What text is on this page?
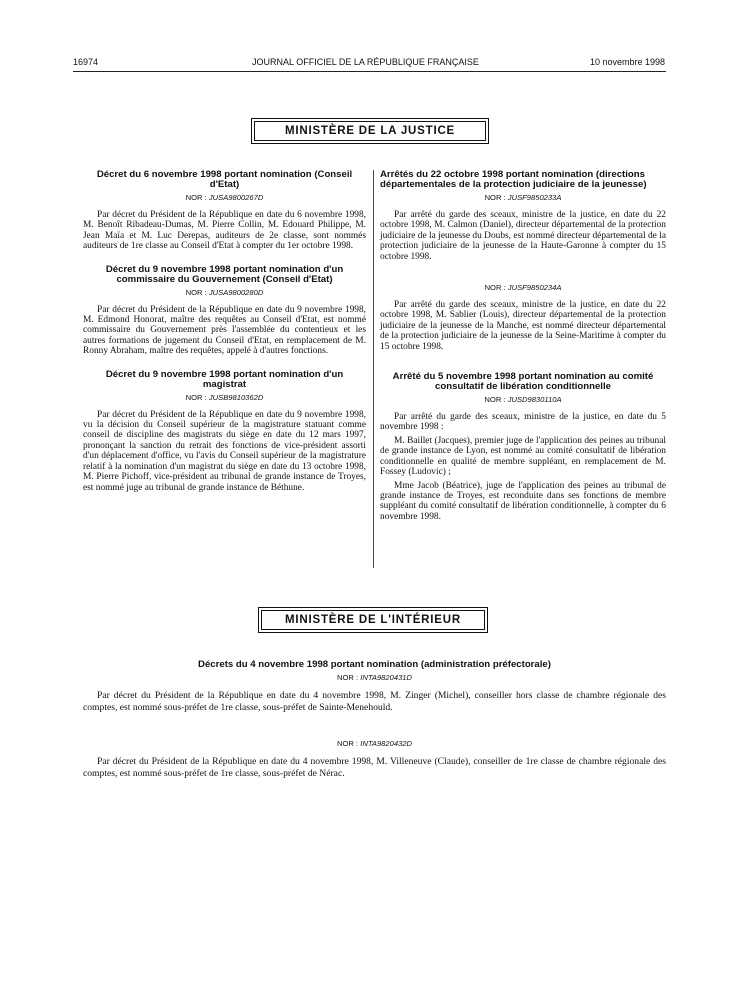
JOURNAL OFFICIEL DE LA RÉPUBLIQUE FRANÇAISE
16974	10 novembre 1998
MINISTÈRE DE LA JUSTICE

Décret du 6 novembre 1998 portant nomination (Conseil d'Etat)

NOR : JUSA9800267D

Par décret du Président de la République en date du 6 novembre 1998, M. Benoît Ribadeau-Dumas, M. Pierre Collin, M. Edouard Philippe, M. Jean Maïa et M. Luc Derepas, auditeurs de 2e classe, sont nommés auditeurs de 1re classe au Conseil d'Etat à compter du 1er octobre 1998.

Décret du 9 novembre 1998 portant nomination d'un commissaire du Gouvernement (Conseil d'Etat)

NOR : JUSA9800280D

Par décret du Président de la République en date du 9 novembre 1998, M. Edmond Honorat, maître des requêtes au Conseil d'Etat, est nommé commissaire du Gouvernement près l'assemblée du contentieux et les autres formations de jugement du Conseil d'Etat, en remplacement de M. Ronny Abraham, maître des requêtes, appelé à d'autres fonctions.

Décret du 9 novembre 1998 portant nomination d'un magistrat

NOR : JUSB9810362D

Par décret du Président de la République en date du 9 novembre 1998, vu la décision du Conseil supérieur de la magistrature statuant comme conseil de discipline des magistrats du siège en date du 12 mars 1997, prononçant la sanction du retrait des fonctions de vice-président assorti d'un déplacement d'office, vu l'avis du Conseil supérieur de la magistrature relatif à la nomination d'un magistrat du siège en date du 13 octobre 1998, M. Pierre Pichoff, vice-président au tribunal de grande instance de Troyes, est nommé juge au tribunal de grande instance de Béthune.

Arrêtés du 22 octobre 1998 portant nomination (directions départementales de la protection judiciaire de la jeunesse)

NOR : JUSF9850233A

Par arrêté du garde des sceaux, ministre de la justice, en date du 22 octobre 1998, M. Calmon (Daniel), directeur départemental de la protection judiciaire de la jeunesse du Doubs, est nommé directeur départemental de la protection judiciaire de la jeunesse de la Haute-Garonne à compter du 15 octobre 1998.

NOR : JUSF9850234A

Par arrêté du garde des sceaux, ministre de la justice, en date du 22 octobre 1998, M. Sablier (Louis), directeur départemental de la protection judiciaire de la jeunesse de la Manche, est nommé directeur départemental de la protection judiciaire de la jeunesse de la Seine-Maritime à compter du 15 octobre 1998.

Arrêté du 5 novembre 1998 portant nomination au comité consultatif de libération conditionnelle

NOR : JUSD9830110A

Par arrêté du garde des sceaux, ministre de la justice, en date du 5 novembre 1998 :

M. Baillet (Jacques), premier juge de l'application des peines au tribunal de grande instance de Lyon, est nommé au comité consultatif de libération conditionnelle en qualité de membre suppléant, en remplacement de M. Fossey (Ludovic) ;

Mme Jacob (Béatrice), juge de l'application des peines au tribunal de grande instance de Troyes, est reconduite dans ses fonctions de membre suppléant du comité consultatif de libération conditionnelle, à compter du 6 novembre 1998.

MINISTÈRE DE L'INTÉRIEUR

Décrets du 4 novembre 1998 portant nomination (administration préfectorale)

NOR : INTA9820431D

Par décret du Président de la République en date du 4 novembre 1998, M. Zinger (Michel), conseiller hors classe de chambre régionale des comptes, est nommé sous-préfet de 1re classe, sous-préfet de Sainte-Menehould.

NOR : INTA9820432D

Par décret du Président de la République en date du 4 novembre 1998, M. Villeneuve (Claude), conseiller de 1re classe de chambre régionale des comptes, est nommé sous-préfet de 1re classe, sous-préfet de Nérac.
